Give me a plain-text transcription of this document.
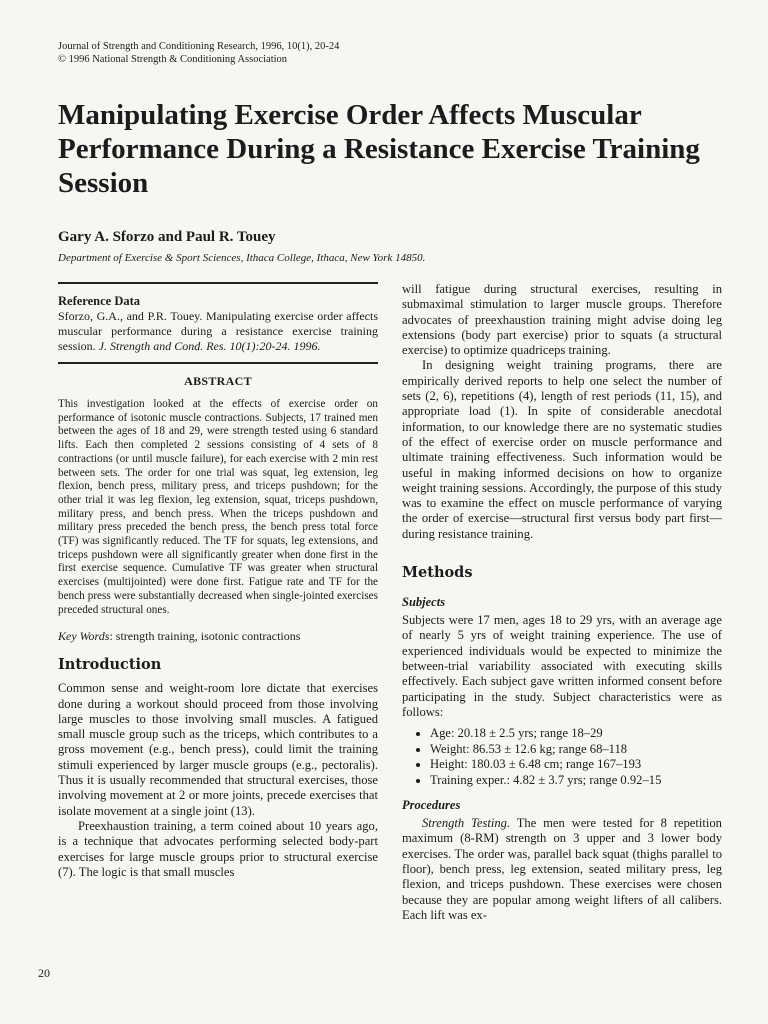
Journal of Strength and Conditioning Research, 1996, 10(1), 20-24
© 1996 National Strength & Conditioning Association
Manipulating Exercise Order Affects Muscular Performance During a Resistance Exercise Training Session

Gary A. Sforzo and Paul R. Touey

Department of Exercise & Sport Sciences, Ithaca College, Ithaca, New York 14850.

Reference Data
Sforzo, G.A., and P.R. Touey. Manipulating exercise order affects muscular performance during a resistance exercise training session. J. Strength and Cond. Res. 10(1):20-24. 1996.
ABSTRACT

This investigation looked at the effects of exercise order on performance of isotonic muscle contractions. Subjects, 17 trained men between the ages of 18 and 29, were strength tested using 6 standard lifts. Each then completed 2 sessions consisting of 4 sets of 8 contractions (or until muscle failure), for each exercise with 2 min rest between sets. The order for one trial was squat, leg extension, leg flexion, bench press, military press, and triceps pushdown; for the other trial it was leg flexion, leg extension, squat, triceps pushdown, military press, and bench press. When the triceps pushdown and military press preceded the bench press, the bench press total force (TF) was significantly reduced. The TF for squats, leg extensions, and triceps pushdown were all significantly greater when done first in the first exercise sequence. Cumulative TF was greater when structural exercises (multijointed) were done first. Fatigue rate and TF for the bench press were substantially decreased when single-jointed exercises preceded structural ones.

Key Words: strength training, isotonic contractions

Introduction

Common sense and weight-room lore dictate that exercises done during a workout should proceed from those involving large muscles to those involving small muscles. A fatigued small muscle group such as the triceps, which contributes to a gross movement (e.g., bench press), could limit the training stimuli experienced by larger muscle groups (e.g., pectoralis). Thus it is usually recommended that structural exercises, those involving movement at 2 or more joints, precede exercises that isolate movement at a single joint (13).

Preexhaustion training, a term coined about 10 years ago, is a technique that advocates performing selected body-part exercises for large muscle groups prior to structural exercise (7). The logic is that small muscles

will fatigue during structural exercises, resulting in submaximal stimulation to larger muscle groups. Therefore advocates of preexhaustion training might advise doing leg extensions (body part exercise) prior to squats (a structural exercise) to optimize quadriceps training.

In designing weight training programs, there are empirically derived reports to help one select the number of sets (2, 6), repetitions (4), length of rest periods (11, 15), and appropriate load (1). In spite of considerable anecdotal information, to our knowledge there are no systematic studies of the effect of exercise order on muscle performance and ultimate training effectiveness. Such information would be useful in making informed decisions on how to organize weight training sessions. Accordingly, the purpose of this study was to examine the effect on muscle performance of varying the order of exercise—structural first versus body part first—during resistance training.

Methods
Subjects

Subjects were 17 men, ages 18 to 29 yrs, with an average age of nearly 5 yrs of weight training experience. The use of experienced individuals would be expected to minimize the between-trial variability associated with executing skills effectively. Each subject gave written informed consent before participating in the study. Subject characteristics were as follows:

• Age: 20.18 ± 2.5 yrs; range 18–29
• Weight: 86.53 ± 12.6 kg; range 68–118
• Height: 180.03 ± 6.48 cm; range 167–193
• Training exper.: 4.82 ± 3.7 yrs; range 0.92–15
Procedures

Strength Testing. The men were tested for 8 repetition maximum (8-RM) strength on 3 upper and 3 lower body exercises. The order was, parallel back squat (thighs parallel to floor), bench press, leg extension, seated military press, leg flexion, and triceps pushdown. These exercises were chosen because they are popular among weight lifters of all calibers. Each lift was ex-

20
